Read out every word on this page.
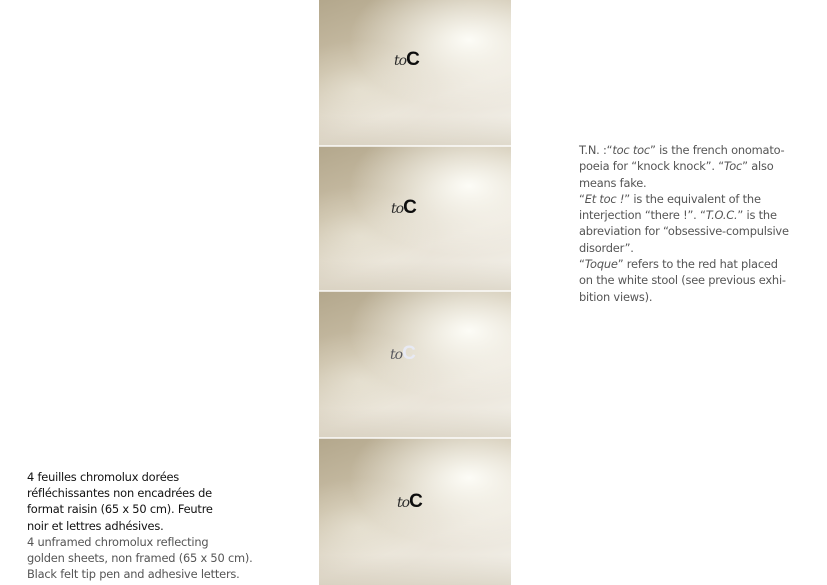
toC
toC
toC
toC

T.N. :“toc toc” is the french onomato-

poeia for “knock knock”. “Toc” also

means fake.

“Et toc !” is the equivalent of the

interjection “there !”. “T.O.C.” is the

abreviation for “obsessive-compulsive

disorder”.

“Toque” refers to the red hat placed

on the white stool (see previous exhi-

bition views).

4 feuilles chromolux dorées

réfléchissantes non encadrées de

format raisin (65 x 50 cm). Feutre

noir et lettres adhésives.

4 unframed chromolux reflecting

golden sheets, non framed (65 x 50 cm).

Black felt tip pen and adhesive letters.
